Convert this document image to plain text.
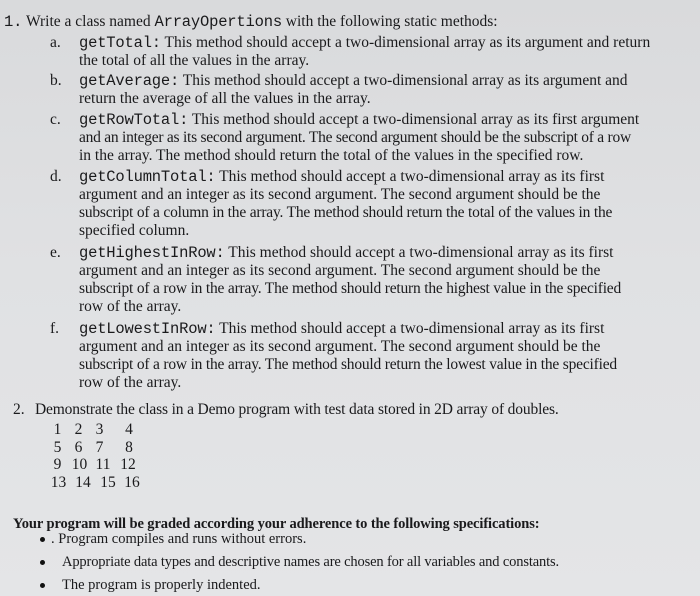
1. Write a class named ArrayOpertions with the following static methods:
a. getTotal: This method should accept a two-dimensional array as its argument and return
the total of all the values in the array.
b. getAverage: This method should accept a two-dimensional array as its argument and
return the average of all the values in the array.
c. getRowTotal: This method should accept a two-dimensional array as its first argument
and an integer as its second argument. The second argument should be the subscript of a row
in the array. The method should return the total of the values in the specified row.
d. getColumnTotal: This method should accept a two-dimensional array as its first
argument and an integer as its second argument. The second argument should be the
subscript of a column in the array. The method should return the total of the values in the
specified column.
e. getHighestInRow: This method should accept a two-dimensional array as its first
argument and an integer as its second argument. The second argument should be the
subscript of a row in the array. The method should return the highest value in the specified
row of the array.
f. getLowestInRow: This method should accept a two-dimensional array as its first
argument and an integer as its second argument. The second argument should be the
subscript of a row in the array. The method should return the lowest value in the specified
row of the array.
2. Demonstrate the class in a Demo program with test data stored in 2D array of doubles.
1 2 3	4
5 6 7	8
9 10 11 12
13 14 15 16
Your program will be graded according your adherence to the following specifications:
. Program compiles and runs without errors.
Appropriate data types and descriptive names are chosen for all variables and constants.
The program is properly indented.
